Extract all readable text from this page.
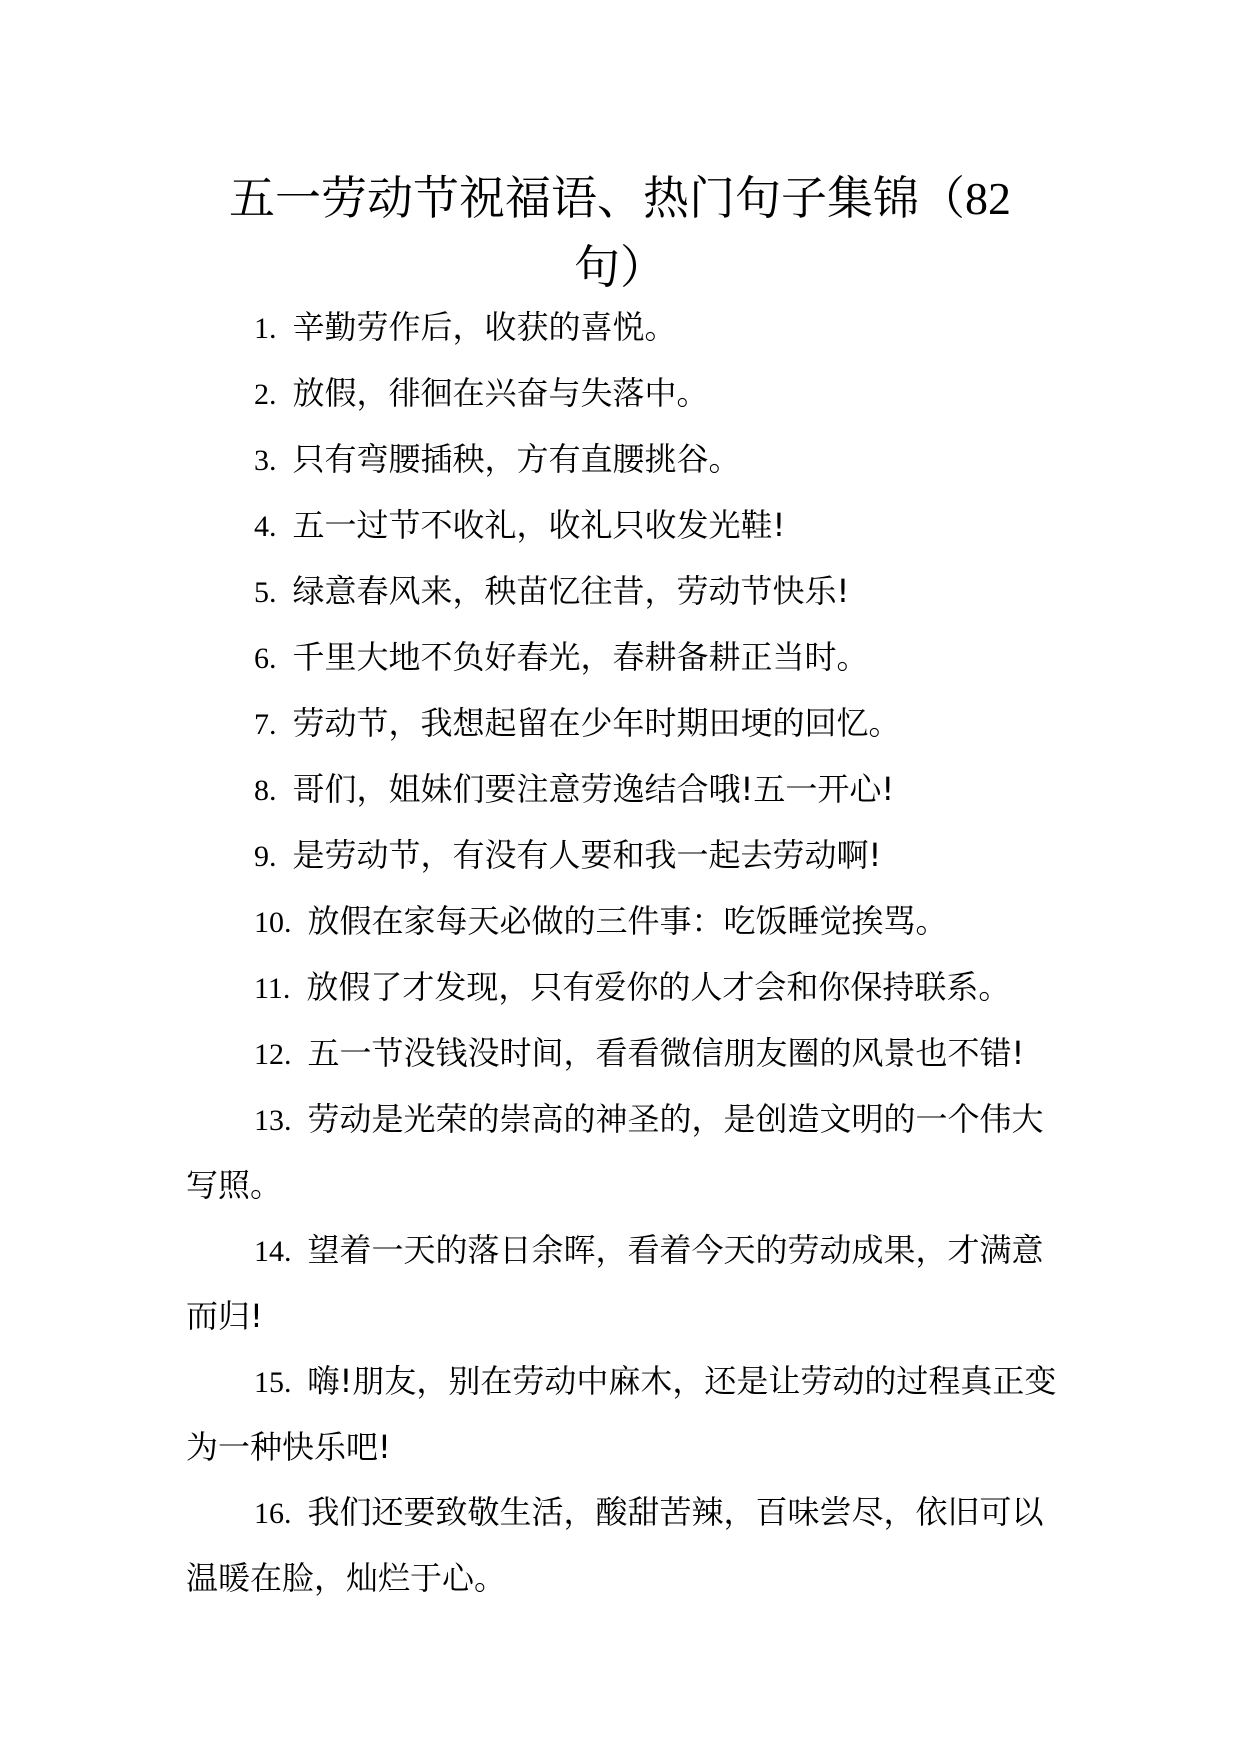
五一劳动节祝福语、热门句子集锦（82
句）
1. 辛勤劳作后，收获的喜悦。
2. 放假，徘徊在兴奋与失落中。
3. 只有弯腰插秧，方有直腰挑谷。
4. 五一过节不收礼，收礼只收发光鞋!
5. 绿意春风来，秧苗忆往昔，劳动节快乐!
6. 千里大地不负好春光，春耕备耕正当时。
7. 劳动节，我想起留在少年时期田埂的回忆。
8. 哥们，姐妹们要注意劳逸结合哦!五一开心!
9. 是劳动节，有没有人要和我一起去劳动啊!
10. 放假在家每天必做的三件事：吃饭睡觉挨骂。
11. 放假了才发现，只有爱你的人才会和你保持联系。
12. 五一节没钱没时间，看看微信朋友圈的风景也不错!
13. 劳动是光荣的崇高的神圣的，是创造文明的一个伟大写照。
14. 望着一天的落日余晖，看着今天的劳动成果，才满意而归!
15. 嗨!朋友，别在劳动中麻木，还是让劳动的过程真正变为一种快乐吧!
16. 我们还要致敬生活，酸甜苦辣，百味尝尽，依旧可以温暖在脸，灿烂于心。
